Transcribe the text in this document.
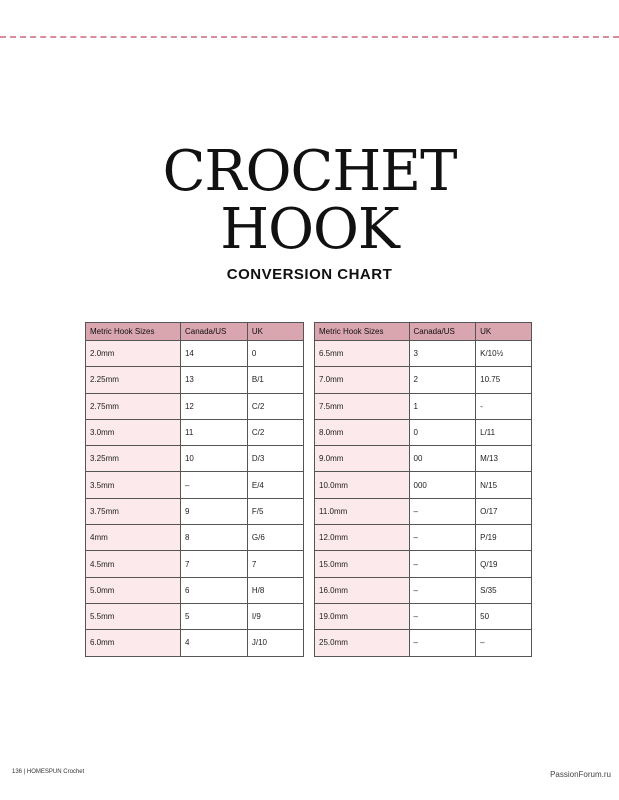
CROCHET
HOOK
CONVERSION CHART
Metric Hook Sizes	Canada/US	UK
2.0mm	14	0
2.25mm	13	B/1
2.75mm	12	C/2
3.0mm	11	C/2
3.25mm	10	D/3
3.5mm	–	E/4
3.75mm	9	F/5
4mm	8	G/6
4.5mm	7	7
5.0mm	6	H/8
5.5mm	5	I/9
6.0mm	4	J/10
Metric Hook Sizes	Canada/US	UK
6.5mm	3	K/10½
7.0mm	2	10.75
7.5mm	1	-
8.0mm	0	L/11
9.0mm	00	M/13
10.0mm	000	N/15
11.0mm	–	O/17
12.0mm	–	P/19
15.0mm	–	Q/19
16.0mm	–	S/35
19.0mm	–	50
25.0mm	–	–
136 | HOMESPUN Crochet	PassionForum.ru
